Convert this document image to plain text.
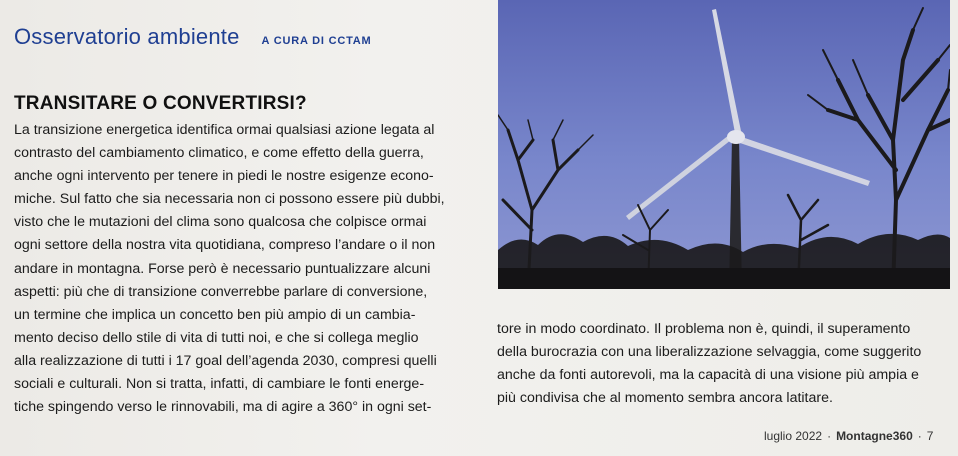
Osservatorio ambiente A CURA DI CCTAM
TRANSITARE O CONVERTIRSI?
La transizione energetica identifica ormai qualsiasi azione legata al
contrasto del cambiamento climatico, e come effetto della guerra,
anche ogni intervento per tenere in piedi le nostre esigenze econo-
miche. Sul fatto che sia necessaria non ci possono essere più dubbi,
visto che le mutazioni del clima sono qualcosa che colpisce ormai
ogni settore della nostra vita quotidiana, compreso l’andare o il non
andare in montagna. Forse però è necessario puntualizzare alcuni
aspetti: più che di transizione converrebbe parlare di conversione,
un termine che implica un concetto ben più ampio di un cambia-
mento deciso dello stile di vita di tutti noi, e che si collega meglio
alla realizzazione di tutti i 17 goal dell’agenda 2030, compresi quelli
sociali e culturali. Non si tratta, infatti, di cambiare le fonti energe-
tiche spingendo verso le rinnovabili, ma di agire a 360° in ogni set-
tore in modo coordinato. Il problema non è, quindi, il superamento
della burocrazia con una liberalizzazione selvaggia, come suggerito
anche da fonti autorevoli, ma la capacità di una visione più ampia e
più condivisa che al momento sembra ancora latitare.
luglio 2022 · Montagne360 · 7
